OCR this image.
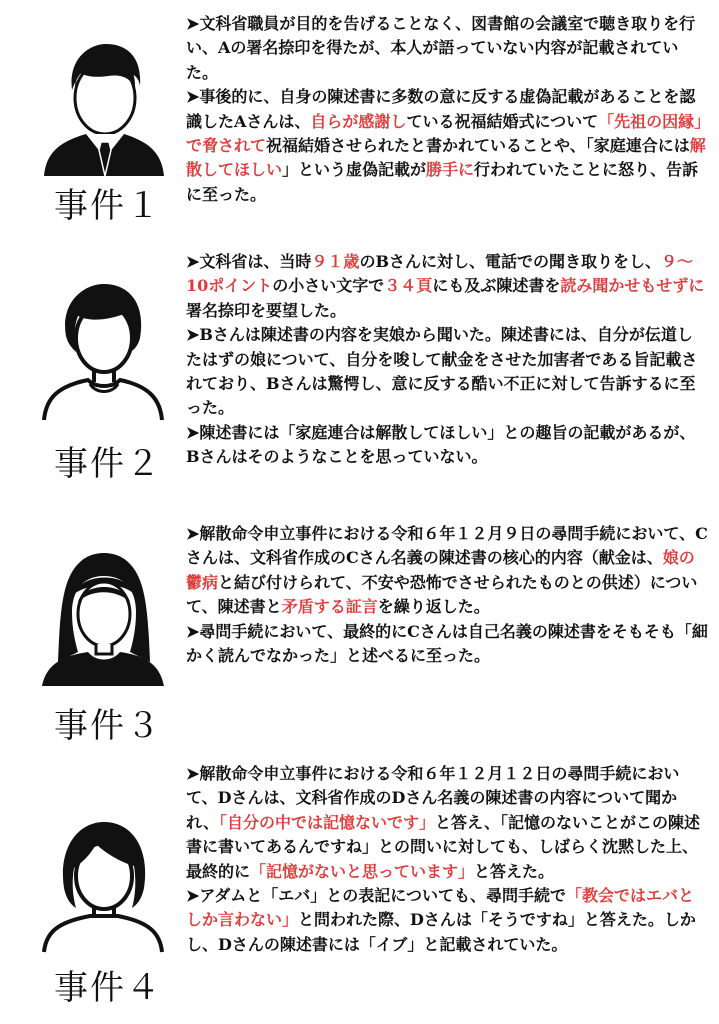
事件１

➤文科省職員が目的を告げることなく、図書館の会議室で聴き取りを行い、Aの署名捺印を得たが、本人が語っていない内容が記載されていた。

➤事後的に、自身の陳述書に多数の意に反する虚偽記載があることを認識したAさんは、自らが感謝している祝福結婚式について「先祖の因縁」で脅されて祝福結婚させられたと書かれていることや、「家庭連合には解散してほしい」という虚偽記載が勝手に行われていたことに怒り、告訴に至った。

事件２

➤文科省は、当時９１歳のBさんに対し、電話での聞き取りをし、９～10ポイントの小さい文字で３４頁にも及ぶ陳述書を読み聞かせもせずに署名捺印を要望した。

➤Bさんは陳述書の内容を実娘から聞いた。陳述書には、自分が伝道したはずの娘について、自分を唆して献金をさせた加害者である旨記載されており、Bさんは驚愕し、意に反する酷い不正に対して告訴するに至った。

➤陳述書には「家庭連合は解散してほしい」との趣旨の記載があるが、Bさんはそのようなことを思っていない。

事件３

➤解散命令申立事件における令和６年１２月９日の尋問手続において、Cさんは、文科省作成のCさん名義の陳述書の核心的内容（献金は、娘の鬱病と結び付けられて、不安や恐怖でさせられたものとの供述）について、陳述書と矛盾する証言を繰り返した。

➤尋問手続において、最終的にCさんは自己名義の陳述書をそもそも「細かく読んでなかった」と述べるに至った。

事件４

➤解散命令申立事件における令和６年１２月１２日の尋問手続において、Dさんは、文科省作成のDさん名義の陳述書の内容について聞かれ、「自分の中では記憶ないです」と答え、「記憶のないことがこの陳述書に書いてあるんですね」との問いに対しても、しばらく沈黙した上、最終的に「記憶がないと思っています」と答えた。

➤アダムと「エバ」との表記についても、尋問手続で「教会ではエバとしか言わない」と問われた際、Dさんは「そうですね」と答えた。しかし、Dさんの陳述書には「イブ」と記載されていた。
